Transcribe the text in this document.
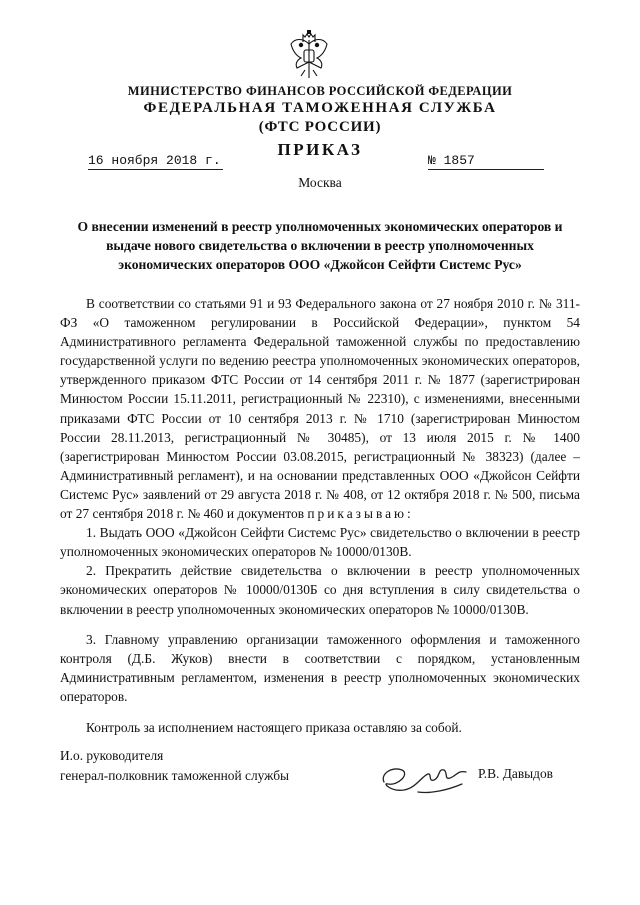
МИНИСТЕРСТВО ФИНАНСОВ РОССИЙСКОЙ ФЕДЕРАЦИИ
ФЕДЕРАЛЬНАЯ ТАМОЖЕННАЯ СЛУЖБА
(ФТС РОССИИ)
ПРИКАЗ
16 ноября 2018 г.	№ 1857
Москва

О внесении изменений в реестр уполномоченных экономических операторов и выдаче нового свидетельства о включении в реестр уполномоченных экономических операторов ООО «Джойсон Сейфти Системс Рус»

В соответствии со статьями 91 и 93 Федерального закона от 27 ноября 2010 г. № 311-ФЗ «О таможенном регулировании в Российской Федерации», пунктом 54 Административного регламента Федеральной таможенной службы по предоставлению государственной услуги по ведению реестра уполномоченных экономических операторов, утвержденного приказом ФТС России от 14 сентября 2011 г. № 1877 (зарегистрирован Минюстом России 15.11.2011, регистрационный № 22310), с изменениями, внесенными приказами ФТС России от 10 сентября 2013 г. № 1710 (зарегистрирован Минюстом России 28.11.2013, регистрационный № 30485), от 13 июля 2015 г. № 1400 (зарегистрирован Минюстом России 03.08.2015, регистрационный № 38323) (далее – Административный регламент), и на основании представленных ООО «Джойсон Сейфти Системс Рус» заявлений от 29 августа 2018 г. № 408, от 12 октября 2018 г. № 500, письма от 27 сентября 2018 г. № 460 и документов приказываю:

1. Выдать ООО «Джойсон Сейфти Системс Рус» свидетельство о включении в реестр уполномоченных экономических операторов № 10000/0130В.

2. Прекратить действие свидетельства о включении в реестр уполномоченных экономических операторов № 10000/0130Б со дня вступления в силу свидетельства о включении в реестр уполномоченных экономических операторов № 10000/0130В.

3. Главному управлению организации таможенного оформления и таможенного контроля (Д.Б. Жуков) внести в соответствии с порядком, установленным Административным регламентом, изменения в реестр уполномоченных экономических операторов.

Контроль за исполнением настоящего приказа оставляю за собой.

И.о. руководителя
генерал-полковник таможенной службы	Р.В. Давыдов
